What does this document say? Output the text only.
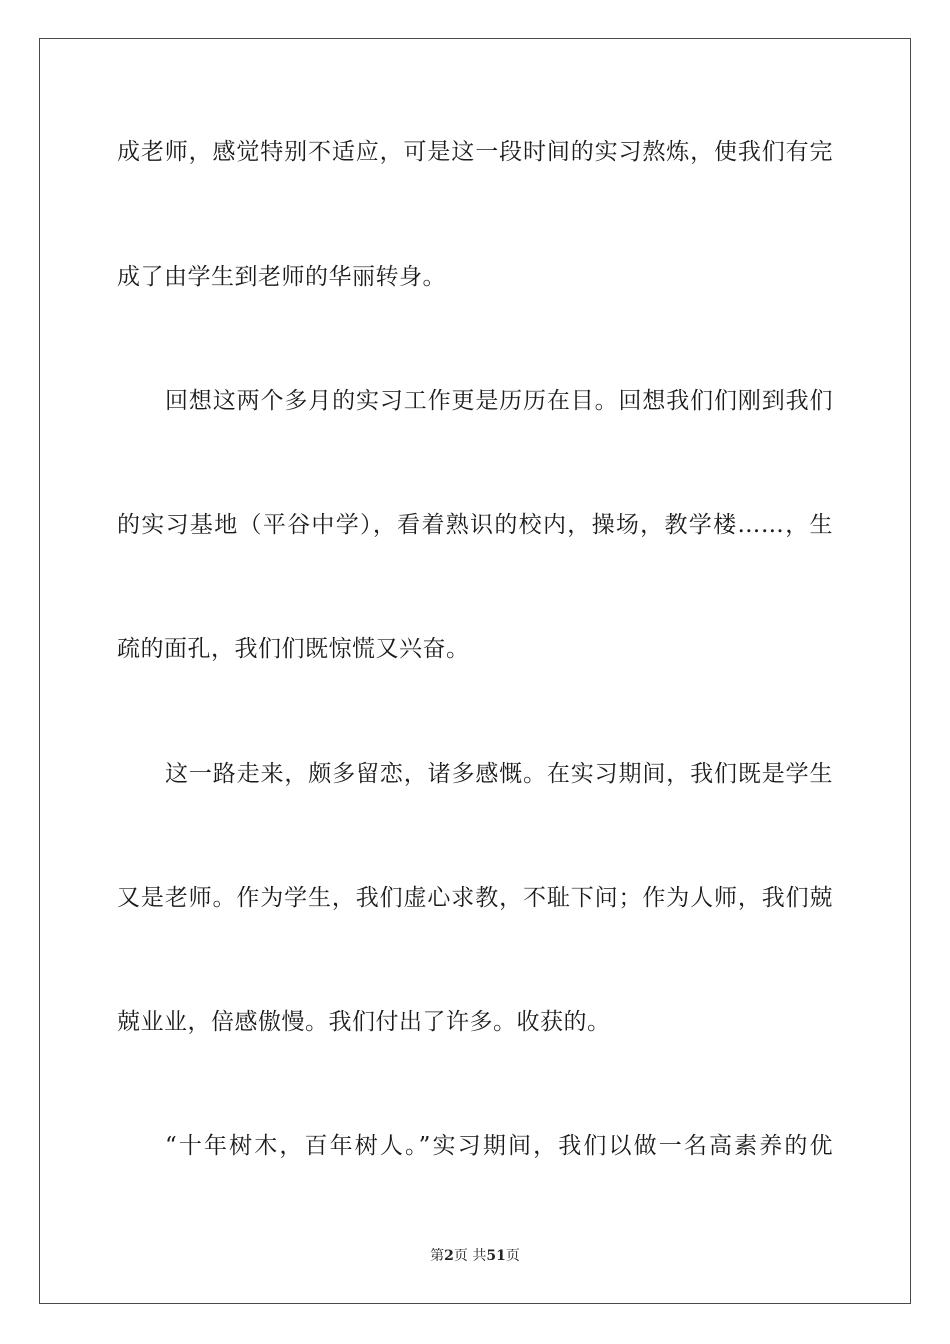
成老师，感觉特别不适应，可是这一段时间的实习熬炼，使我们有完
成了由学生到老师的华丽转身。
回想这两个多月的实习工作更是历历在目。回想我们们刚到我们
的实习基地（平谷中学），看着熟识的校内，操场，教学楼……，生
疏的面孔，我们们既惊慌又兴奋。
这一路走来，颇多留恋，诸多感慨。在实习期间，我们既是学生
又是老师。作为学生，我们虚心求教，不耻下问；作为人师，我们兢
兢业业，倍感傲慢。我们付出了许多。收获的。
“十年树木，百年树人。”实习期间，我们以做一名高素养的优
第2页 共51页
